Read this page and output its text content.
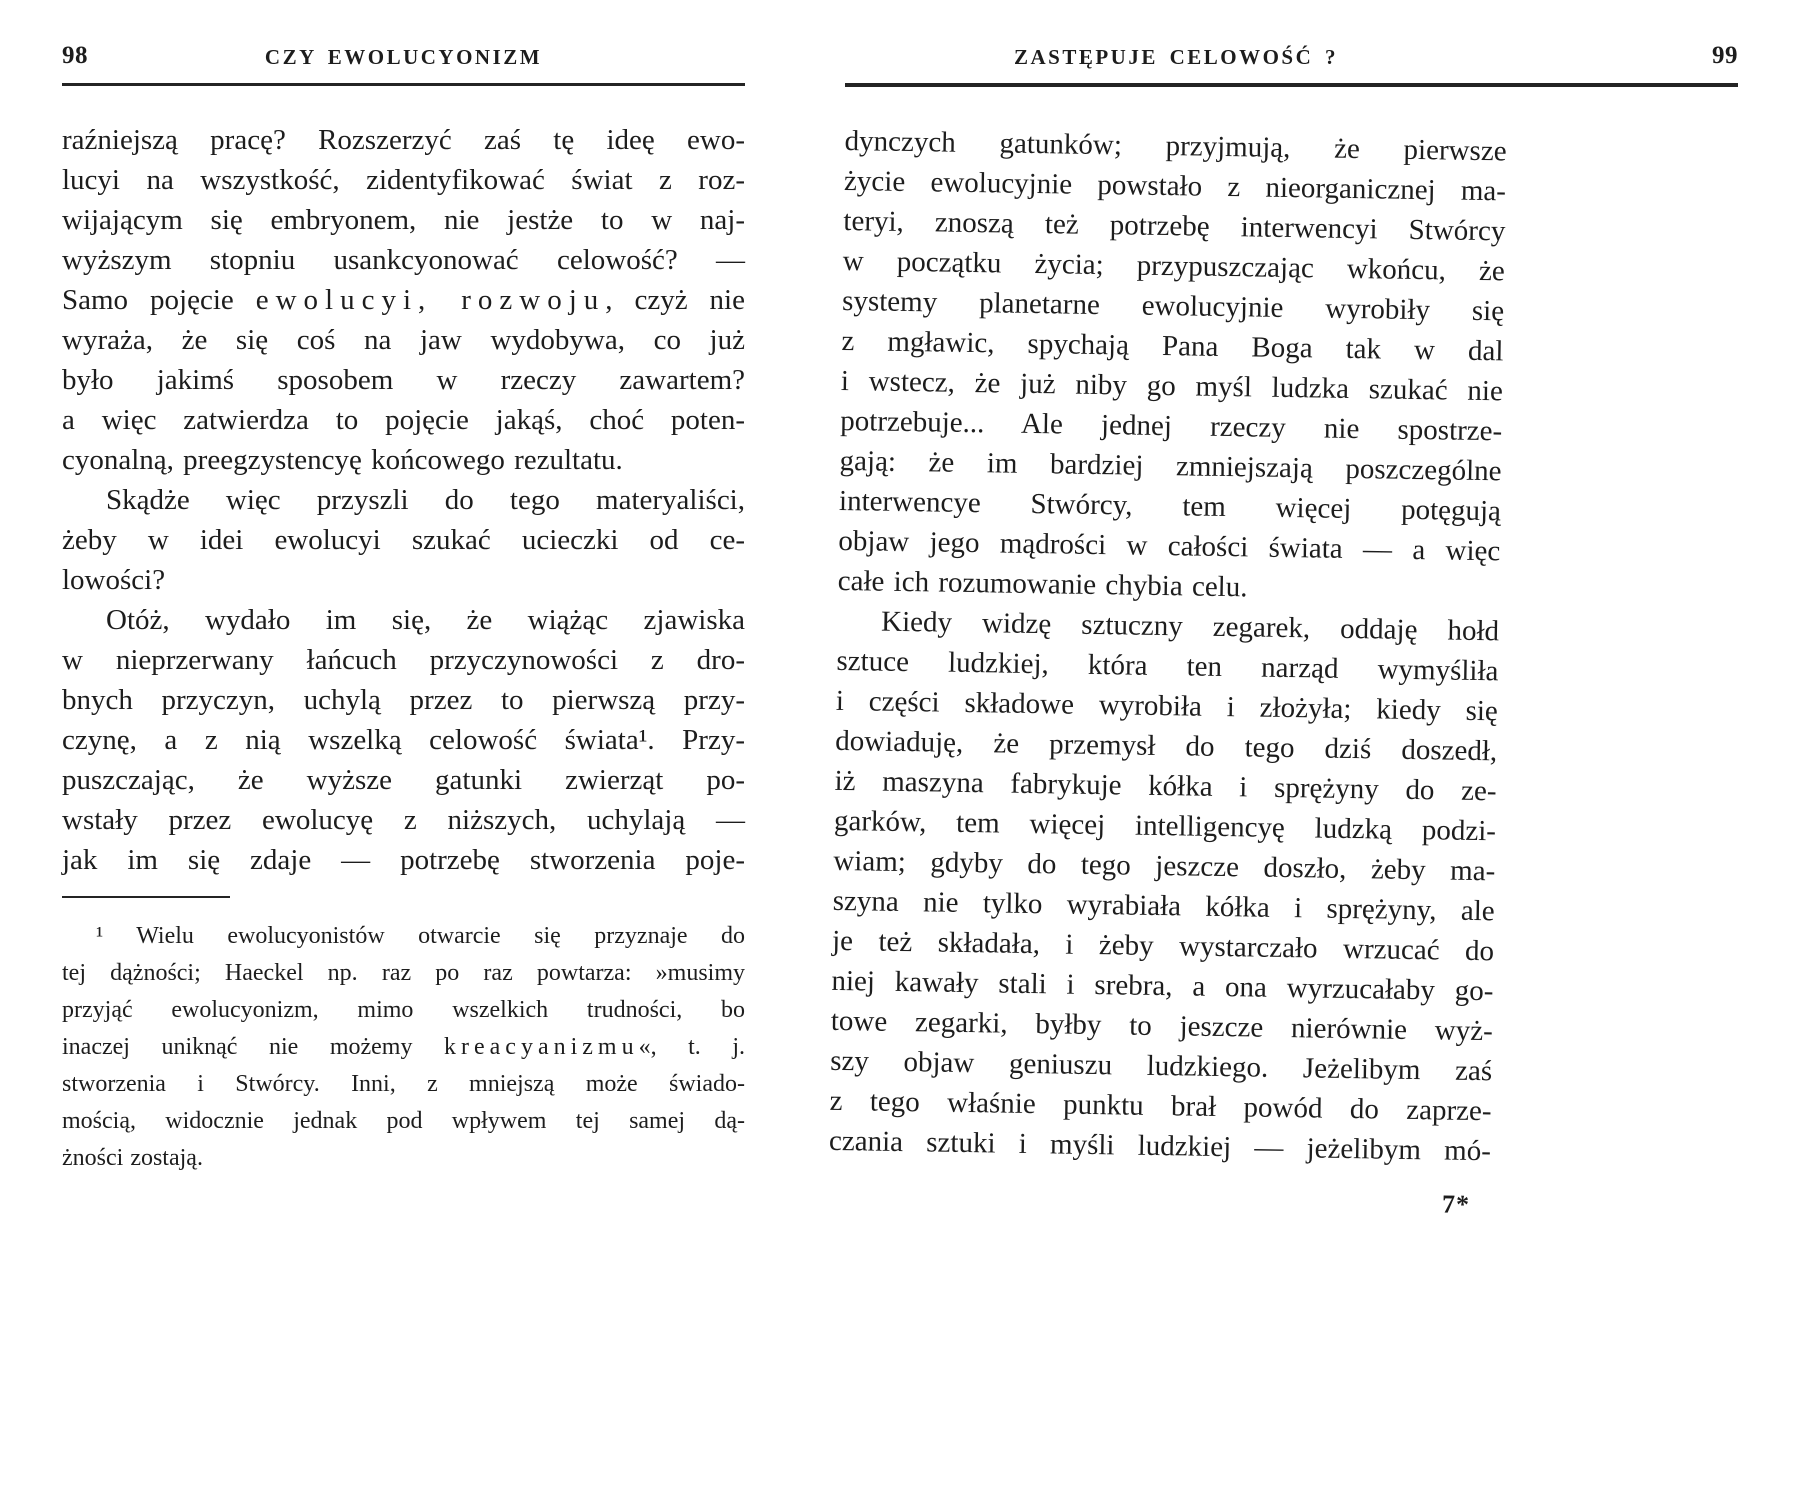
98	CZY EWOLUCYONIZM
raźniejszą pracę? Rozszerzyć zaś tę ideę ewo-
lucyi na wszystkość, zidentyfikować świat z roz-
wijającym się embryonem, nie jestże to w naj-
wyższym stopniu usankcyonować celowość? —
Samo pojęcie ewolucyi, rozwoju, czyż nie
wyraża, że się coś na jaw wydobywa, co już
było jakimś sposobem w rzeczy zawartem?
a więc zatwierdza to pojęcie jakąś, choć poten-
cyonalną, preegzystencyę końcowego rezultatu.
Skądże więc przyszli do tego materyaliści,
żeby w idei ewolucyi szukać ucieczki od ce-
lowości?
Otóż, wydało im się, że wiążąc zjawiska
w nieprzerwany łańcuch przyczynowości z dro-
bnych przyczyn, uchylą przez to pierwszą przy-
czynę, a z nią wszelką celowość świata¹. Przy-
puszczając, że wyższe gatunki zwierząt po-
wstały przez ewolucyę z niższych, uchylają —
jak im się zdaje — potrzebę stworzenia poje-
¹ Wielu ewolucyonistów otwarcie się przyznaje do
tej dążności; Haeckel np. raz po raz powtarza: »musimy
przyjąć ewolucyonizm, mimo wszelkich trudności, bo
inaczej uniknąć nie możemy kreacyanizmu«, t. j.
stworzenia i Stwórcy. Inni, z mniejszą może świado-
mością, widocznie jednak pod wpływem tej samej dą-
żności zostają.
ZASTĘPUJE CELOWOŚĆ ?	99
dynczych gatunków; przyjmują, że pierwsze
życie ewolucyjnie powstało z nieorganicznej ma-
teryi, znoszą też potrzebę interwencyi Stwórcy
w początku życia; przypuszczając wkońcu, że
systemy planetarne ewolucyjnie wyrobiły się
z mgławic, spychają Pana Boga tak w dal
i wstecz, że już niby go myśl ludzka szukać nie
potrzebuje... Ale jednej rzeczy nie spostrze-
gają: że im bardziej zmniejszają poszczególne
interwencye Stwórcy, tem więcej potęgują
objaw jego mądrości w całości świata — a więc
całe ich rozumowanie chybia celu.
Kiedy widzę sztuczny zegarek, oddaję hołd
sztuce ludzkiej, która ten narząd wymyśliła
i części składowe wyrobiła i złożyła; kiedy się
dowiaduję, że przemysł do tego dziś doszedł,
iż maszyna fabrykuje kółka i sprężyny do ze-
garków, tem więcej intelligencyę ludzką podzi-
wiam; gdyby do tego jeszcze doszło, żeby ma-
szyna nie tylko wyrabiała kółka i sprężyny, ale
je też składała, i żeby wystarczało wrzucać do
niej kawały stali i srebra, a ona wyrzucałaby go-
towe zegarki, byłby to jeszcze nierównie wyż-
szy objaw geniuszu ludzkiego. Jeżelibym zaś
z tego właśnie punktu brał powód do zaprze-
czania sztuki i myśli ludzkiej — jeżelibym mó-
7*
